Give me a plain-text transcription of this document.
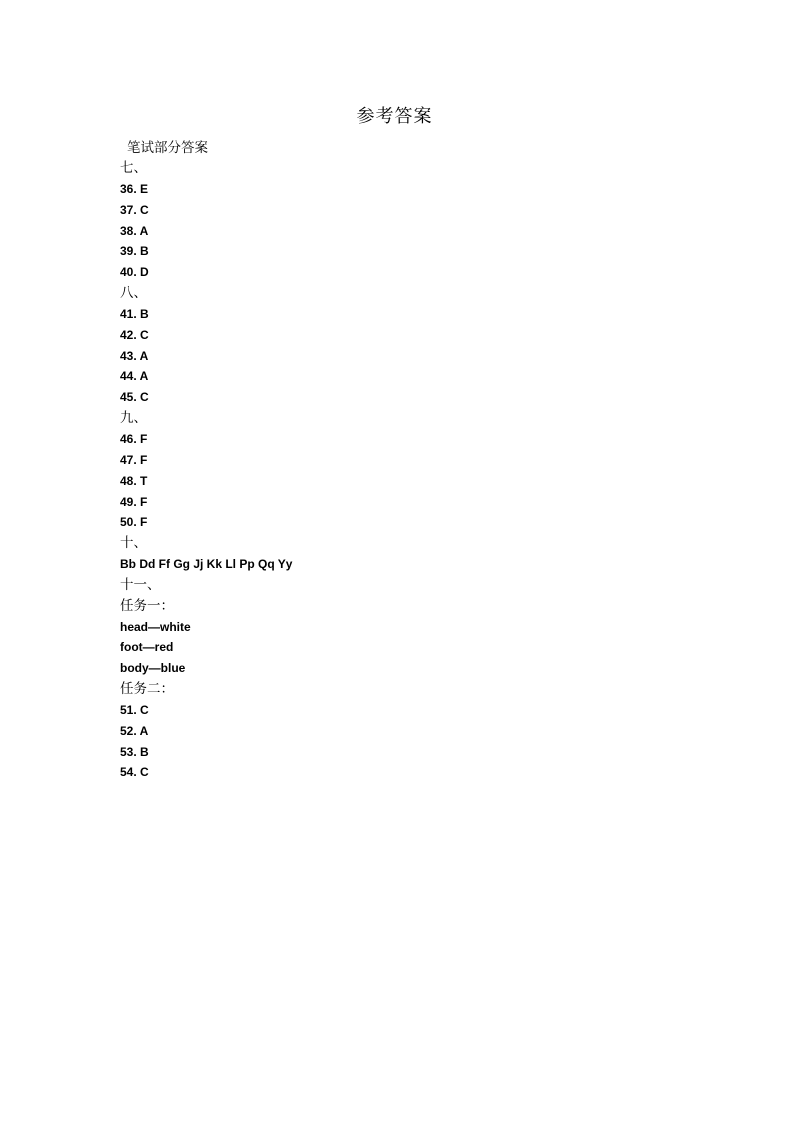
参考答案
笔试部分答案
七、
36. E
37. C
38. A
39. B
40. D
八、
41. B
42. C
43. A
44. A
45. C
九、
46. F
47. F
48. T
49. F
50. F
十、
Bb Dd Ff Gg Jj Kk Ll Pp Qq Yy
十一、
任务一：
head—white
foot—red
body—blue
任务二：
51. C
52. A
53. B
54. C
